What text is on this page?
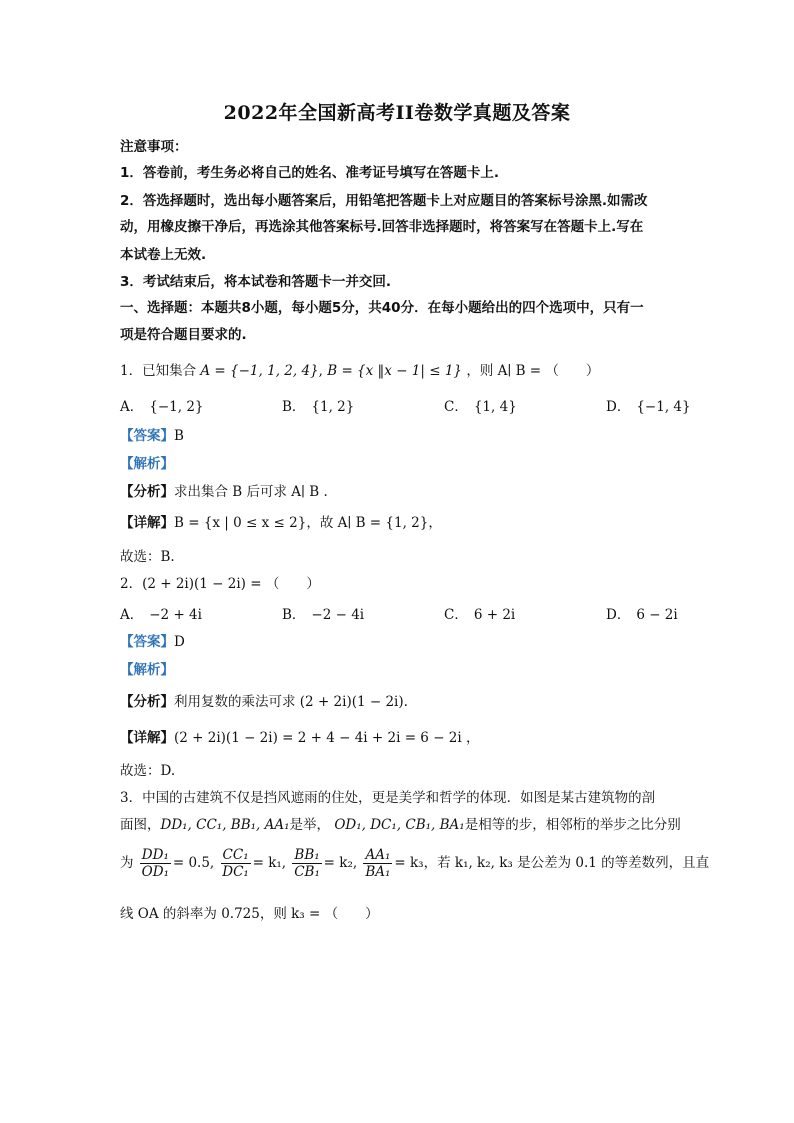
2022年全国新高考II卷数学真题及答案
注意事项：
1．答卷前，考生务必将自己的姓名、准考证号填写在答题卡上.
2．答选择题时，选出每小题答案后，用铅笔把答题卡上对应题目的答案标号涂黑.如需改
动，用橡皮擦干净后，再选涂其他答案标号.回答非选择题时，将答案写在答题卡上.写在
本试卷上无效.
3．考试结束后，将本试卷和答题卡一并交回.
一、选择题：本题共8小题，每小题5分，共40分．在每小题给出的四个选项中，只有一
项是符合题目要求的.
1．已知集合 A = {−1, 1, 2, 4}, B = {x ‖x − 1| ≤ 1} ，则 A∣ B = （　　）
A． {−1, 2}	B． {1, 2}	C． {1, 4}	D． {−1, 4}
【答案】B
【解析】
【分析】求出集合 B 后可求 A∣ B .
【详解】B = {x | 0 ≤ x ≤ 2}，故 A∣ B = {1, 2}，
故选：B.
2．(2 + 2i)(1 − 2i) = （　　）
A． −2 + 4i	B． −2 − 4i	C． 6 + 2i	D． 6 − 2i
【答案】D
【解析】
【分析】利用复数的乘法可求 (2 + 2i)(1 − 2i).
【详解】(2 + 2i)(1 − 2i) = 2 + 4 − 4i + 2i = 6 − 2i ，
故选：D.
3．中国的古建筑不仅是挡风遮雨的住处，更是美学和哲学的体现．如图是某古建筑物的剖
面图，DD₁, CC₁, BB₁, AA₁是举， OD₁, DC₁, CB₁, BA₁是相等的步，相邻桁的举步之比分别
为 $\frac{\text{DD₁}}{\text{OD₁}} = 0.5$, $\frac{\text{CC₁}}{\text{DC₁}} = k_1$, $\frac{\text{BB₁}}{\text{CB₁}} = k_2$, $\frac{\text{AA₁}}{\text{BA₁}} = k_3$，若 k₁, k₂, k₃ 是公差为 0.1 的等差数列，且直
线 OA 的斜率为 0.725，则 k₃ = （　　）
